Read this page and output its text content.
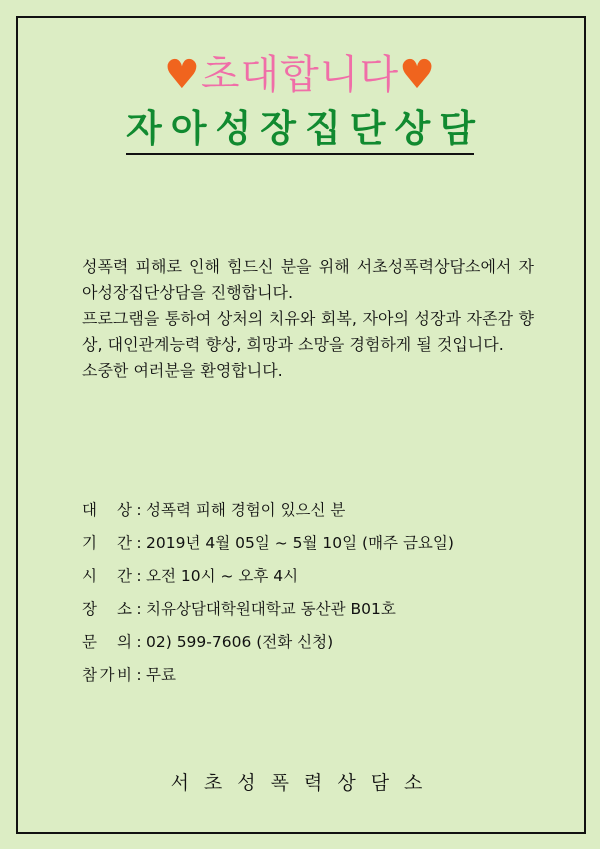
♥초대합니다♥
자아성장집단상담

성폭력 피해로 인해 힘드신 분을 위해 서초성폭력상담소에서 자아성장집단상담을 진행합니다.

프로그램을 통하여 상처의 치유와 회복, 자아의 성장과 자존감 향상, 대인관계능력 향상, 희망과 소망을 경험하게 될 것입니다.

소중한 여러분을 환영합니다.

대 상 : 성폭력 피해 경험이 있으신 분
기 간 : 2019년 4월 05일 ~ 5월 10일 (매주 금요일)
시 간 : 오전 10시 ~ 오후 4시
장 소 : 치유상담대학원대학교 동산관 B01호
문 의 : 02) 599-7606 (전화 신청)
참 가 비 : 무료
서초성폭력상담소
